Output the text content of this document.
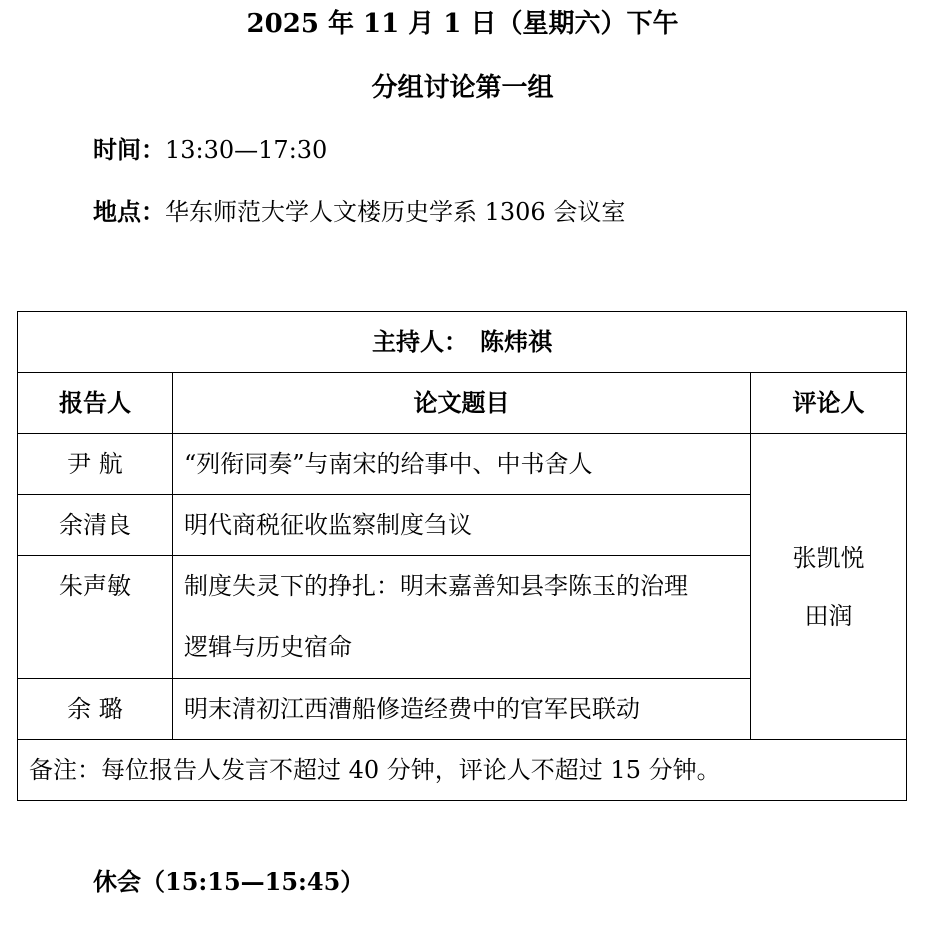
2025 年 11 月 1 日（星期六）下午
分组讨论第一组
时间：13:30—17:30
地点：华东师范大学人文楼历史学系 1306 会议室
主持人：　陈炜祺		
报告人	论文题目	评论人
尹 航	“列衔同奏”与南宋的给事中、中书舍人	张凯悦
田润

余清良	明代商税征收监察制度刍议	
朱声敏	制度失灵下的挣扎：明末嘉善知县李陈玉的治理
逻辑与历史宿命	

余 璐	明末清初江西漕船修造经费中的官军民联动	
备注：每位报告人发言不超过 40 分钟，评论人不超过 15 分钟。		
休会（15:15—15:45）
